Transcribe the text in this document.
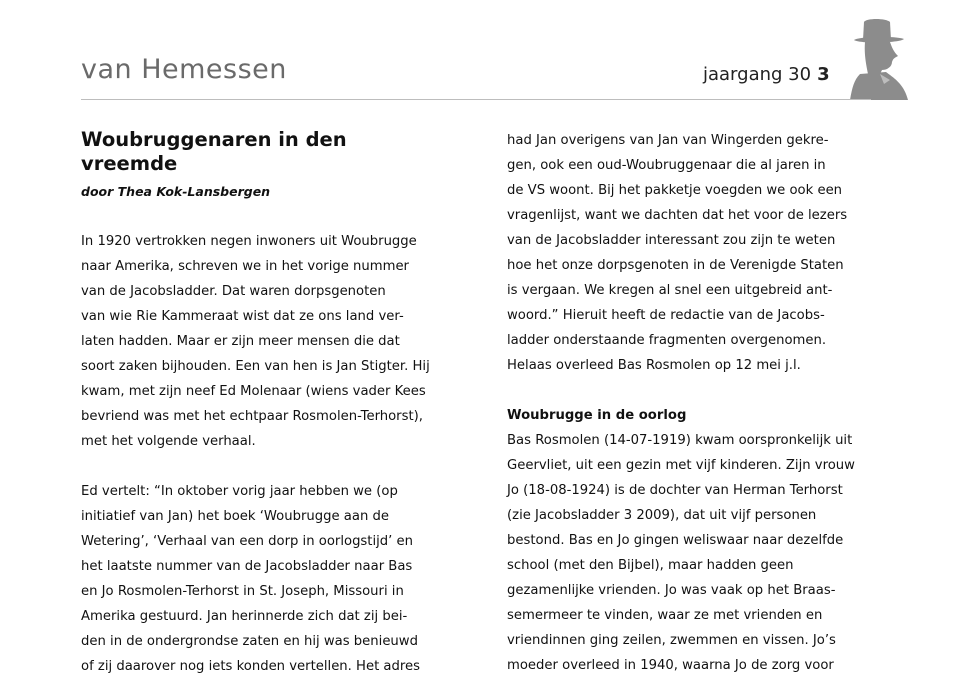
van Hemessen	jaargang 30 3
Woubruggenaren in den vreemde

door Thea Kok-Lansbergen

In 1920 vertrokken negen inwoners uit Woubrugge
naar Amerika, schreven we in het vorige nummer
van de Jacobsladder. Dat waren dorpsgenoten
van wie Rie Kammeraat wist dat ze ons land ver-
laten hadden. Maar er zijn meer mensen die dat
soort zaken bijhouden. Een van hen is Jan Stigter. Hij
kwam, met zijn neef Ed Molenaar (wiens vader Kees
bevriend was met het echtpaar Rosmolen-Terhorst),
met het volgende verhaal.

Ed vertelt: “In oktober vorig jaar hebben we (op
initiatief van Jan) het boek ‘Woubrugge aan de
Wetering’, ‘Verhaal van een dorp in oorlogstijd’ en
het laatste nummer van de Jacobsladder naar Bas
en Jo Rosmolen-Terhorst in St. Joseph, Missouri in
Amerika gestuurd. Jan herinnerde zich dat zij bei-
den in de ondergrondse zaten en hij was benieuwd
of zij daarover nog iets konden vertellen. Het adres

had Jan overigens van Jan van Wingerden gekre-
gen, ook een oud-Woubruggenaar die al jaren in
de VS woont. Bij het pakketje voegden we ook een
vragenlijst, want we dachten dat het voor de lezers
van de Jacobsladder interessant zou zijn te weten
hoe het onze dorpsgenoten in de Verenigde Staten
is vergaan. We kregen al snel een uitgebreid ant-
woord.” Hieruit heeft de redactie van de Jacobs-
ladder onderstaande fragmenten overgenomen.
Helaas overleed Bas Rosmolen op 12 mei j.l.

Woubrugge in de oorlog

Bas Rosmolen (14-07-1919) kwam oorspronkelijk uit
Geervliet, uit een gezin met vijf kinderen. Zijn vrouw
Jo (18-08-1924) is de dochter van Herman Terhorst
(zie Jacobsladder 3 2009), dat uit vijf personen
bestond. Bas en Jo gingen weliswaar naar dezelfde
school (met den Bijbel), maar hadden geen
gezamenlijke vrienden. Jo was vaak op het Braas-
semermeer te vinden, waar ze met vrienden en
vriendinnen ging zeilen, zwemmen en vissen. Jo’s
moeder overleed in 1940, waarna Jo de zorg voor
